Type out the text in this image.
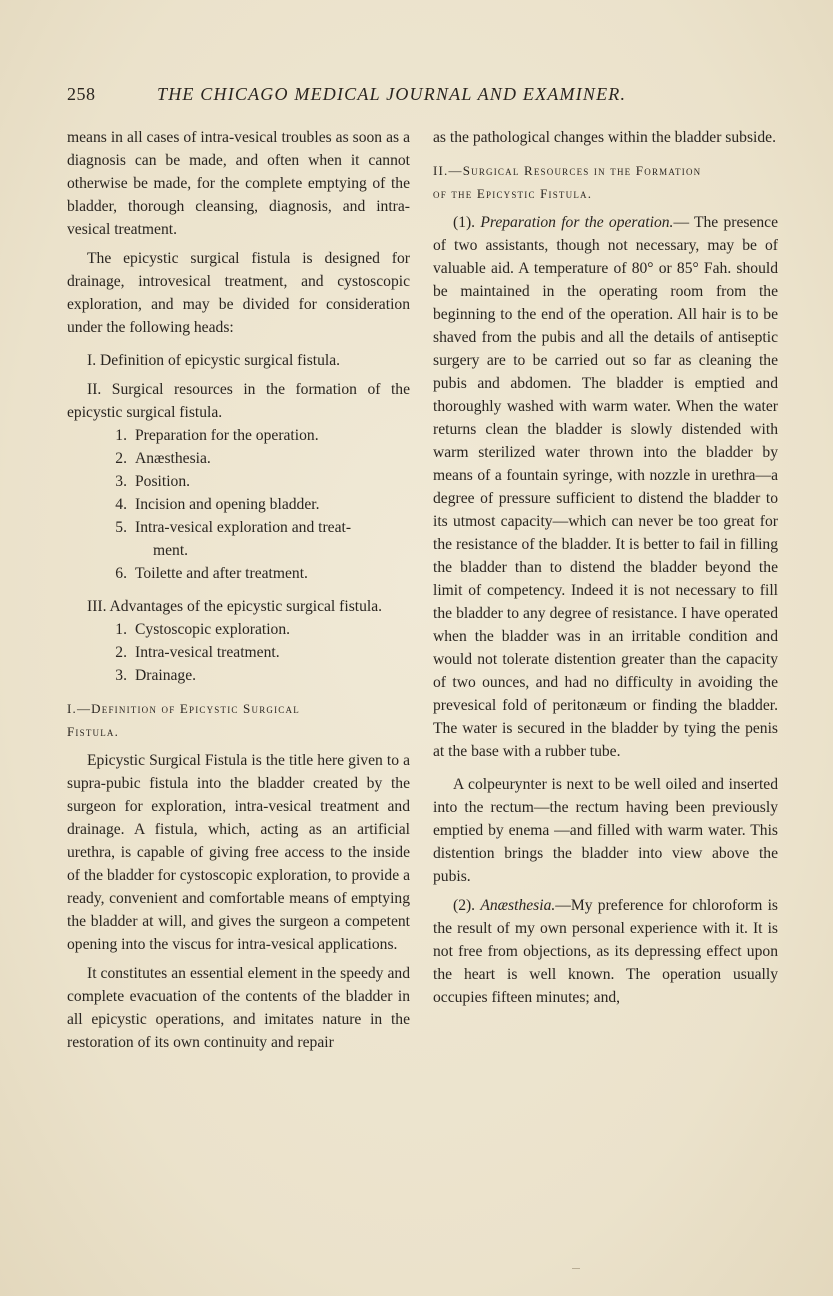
258	THE CHICAGO MEDICAL JOURNAL AND EXAMINER.

means in all cases of intra-vesical troubles as soon as a diagnosis can be made, and often when it cannot otherwise be made, for the complete emptying of the bladder, thorough cleansing, diagnosis, and intra-vesical treatment.

The epicystic surgical fistula is designed for drainage, introvesical treatment, and cystoscopic exploration, and may be divided for consideration under the following heads:

I. Definition of epicystic surgical fistula.

II. Surgical resources in the formation of the epicystic surgical fistula.

1. Preparation for the operation.
2. Anæsthesia.
3. Position.
4. Incision and opening bladder.
5. Intra-vesical exploration and treat-
ment.
6. Toilette and after treatment.

III. Advantages of the epicystic surgical fistula.

1. Cystoscopic exploration.
2. Intra-vesical treatment.
3. Drainage.

I.—Definition of Epicystic Surgical
Fistula.

Epicystic Surgical Fistula is the title here given to a supra-pubic fistula into the bladder created by the surgeon for exploration, intra-vesical treatment and drainage. A fistula, which, acting as an artificial urethra, is capable of giving free access to the inside of the bladder for cystoscopic exploration, to provide a ready, convenient and comfortable means of emptying the bladder at will, and gives the surgeon a competent opening into the viscus for intra-vesical applications.

It constitutes an essential element in the speedy and complete evacuation of the contents of the bladder in all epicystic operations, and imitates nature in the restoration of its own continuity and repair

as the pathological changes within the bladder subside.

II.—Surgical Resources in the Formation
of the Epicystic Fistula.

(1). Preparation for the operation.— The presence of two assistants, though not necessary, may be of valuable aid. A temperature of 80° or 85° Fah. should be maintained in the operating room from the beginning to the end of the operation. All hair is to be shaved from the pubis and all the details of antiseptic surgery are to be carried out so far as cleaning the pubis and abdomen. The bladder is emptied and thoroughly washed with warm water. When the water returns clean the bladder is slowly distended with warm sterilized water thrown into the bladder by means of a fountain syringe, with nozzle in urethra—a degree of pressure sufficient to distend the bladder to its utmost capacity—which can never be too great for the resistance of the bladder. It is better to fail in filling the bladder than to distend the bladder beyond the limit of competency. Indeed it is not necessary to fill the bladder to any degree of resistance. I have operated when the bladder was in an irritable condition and would not tolerate distention greater than the capacity of two ounces, and had no difficulty in avoiding the prevesical fold of peritonæum or finding the bladder. The water is secured in the bladder by tying the penis at the base with a rubber tube.

A colpeurynter is next to be well oiled and inserted into the rectum—the rectum having been previously emptied by enema —and filled with warm water. This distention brings the bladder into view above the pubis.

(2). Anæsthesia.—My preference for chloroform is the result of my own personal experience with it. It is not free from objections, as its depressing effect upon the heart is well known. The operation usually occupies fifteen minutes; and,
